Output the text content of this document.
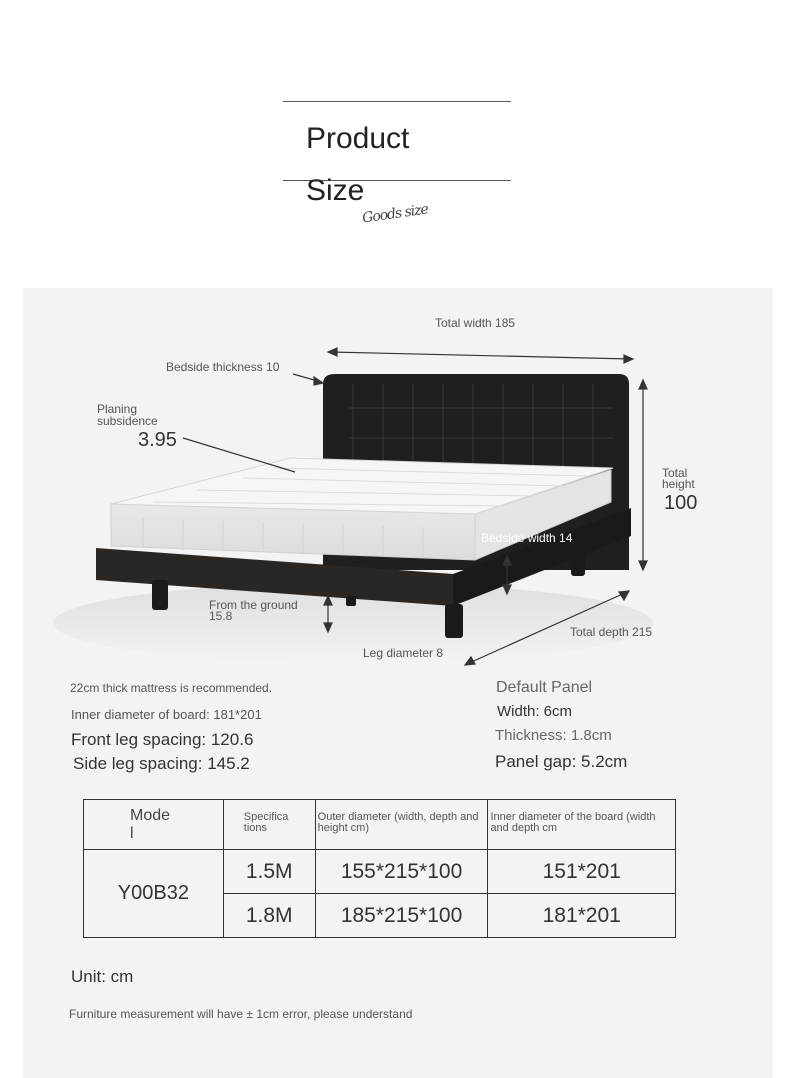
Product
Size
Goods size
Total width 185
Bedside thickness 10
Planing
subsidence
3.95
Total
height
100
Bedside width 14
From the ground
15.8
Total depth 215
Leg diameter 8
22cm thick mattress is recommended.
Inner diameter of board: 181*201
Front leg spacing: 120.6
Side leg spacing: 145.2
Default Panel
Width: 6cm
Thickness: 1.8cm
Panel gap: 5.2cm
Mode
l	Specifica tions	Outer diameter (width, depth and height cm)	Inner diameter of the board (width and depth cm
Y00B32	1.5M	155*215*100	151*201
	1.8M	185*215*100	181*201
Unit: cm
Furniture measurement will have ± 1cm error, please understand
